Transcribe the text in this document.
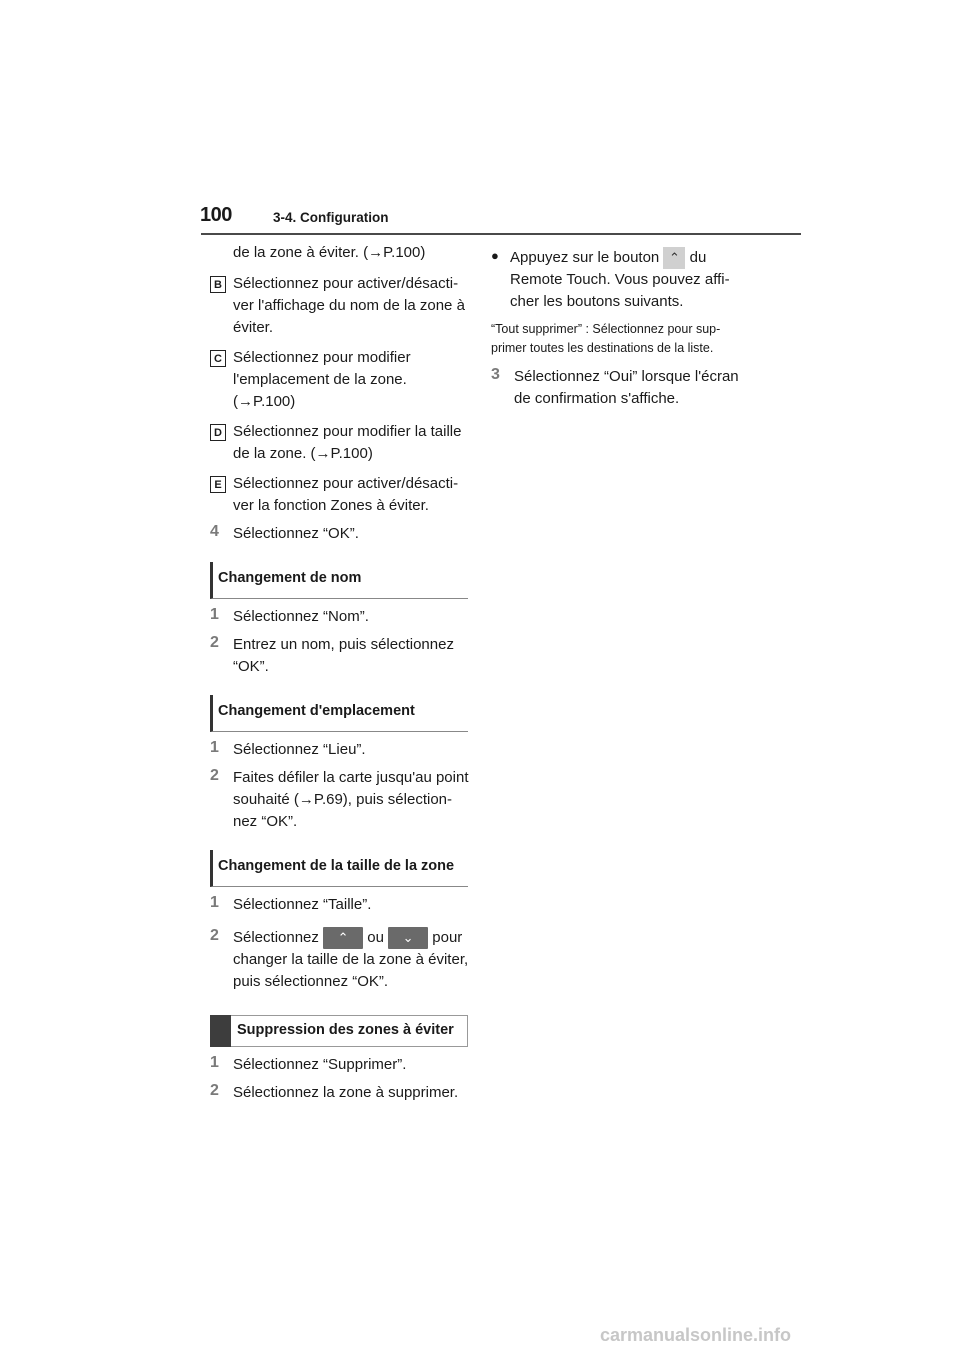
100	3-4. Configuration
de la zone à éviter. (→P.100)
B Sélectionnez pour activer/désacti-
ver l'affichage du nom de la zone à
éviter.
C Sélectionnez pour modifier
l'emplacement de la zone.
(→P.100)
D Sélectionnez pour modifier la taille
de la zone. (→P.100)
E Sélectionnez pour activer/désacti-
ver la fonction Zones à éviter.
4 Sélectionnez “OK”.
Changement de nom
1 Sélectionnez “Nom”.
2 Entrez un nom, puis sélectionnez
“OK”.
Changement d'emplacement
1 Sélectionnez “Lieu”.
2 Faites défiler la carte jusqu'au point
souhaité (→P.69), puis sélection-
nez “OK”.
Changement de la taille de la zone
1 Sélectionnez “Taille”.
2 Sélectionnez ⌃ ou ⌄ pour
changer la taille de la zone à éviter,
puis sélectionnez “OK”.
Suppression des zones à éviter
1 Sélectionnez “Supprimer”.
2 Sélectionnez la zone à supprimer.
● Appuyez sur le bouton ⌃ du
Remote Touch. Vous pouvez affi-
cher les boutons suivants.
“Tout supprimer” : Sélectionnez pour sup-
primer toutes les destinations de la liste.
3 Sélectionnez “Oui” lorsque l'écran
de confirmation s'affiche.
carmanualsonline.info
